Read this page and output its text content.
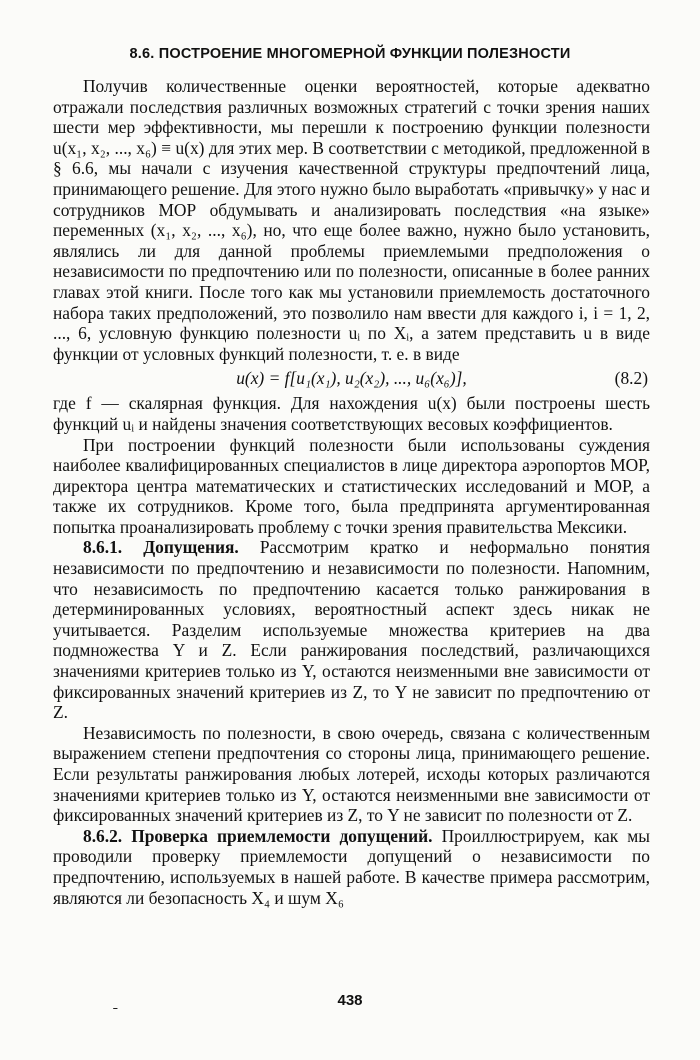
8.6. ПОСТРОЕНИЕ МНОГОМЕРНОЙ ФУНКЦИИ ПОЛЕЗНОСТИ

Получив количественные оценки вероятностей, которые адекватно отражали последствия различных возможных стратегий с точки зрения наших шести мер эффективности, мы перешли к построению функции полезности u(x₁, x₂, ..., x₆) ≡ u(x) для этих мер. В соответствии с методикой, предложенной в § 6.6, мы начали с изучения качественной структуры предпочтений лица, принимающего решение. Для этого нужно было выработать «привычку» у нас и сотрудников МОР обдумывать и анализировать последствия «на языке» переменных (x₁, x₂, ..., x₆), но, что еще более важно, нужно было установить, являлись ли для данной проблемы приемлемыми предположения о независимости по предпочтению или по полезности, описанные в более ранних главах этой книги. После того как мы установили приемлемость достаточного набора таких предположений, это позволило нам ввести для каждого i, i = 1, 2, ..., 6, условную функцию полезности uᵢ по Xᵢ, а затем представить u в виде функции от условных функций полезности, т. е. в виде

u(x) = f[u₁(x₁), u₂(x₂), ..., u₆(x₆)],	(8.2)

где f — скалярная функция. Для нахождения u(x) были построены шесть функций uᵢ и найдены значения соответствующих весовых коэффициентов.

При построении функций полезности были использованы суждения наиболее квалифицированных специалистов в лице директора аэропортов МОР, директора центра математических и статистических исследований и МОР, а также их сотрудников. Кроме того, была предпринята аргументированная попытка проанализировать проблему с точки зрения правительства Мексики.

8.6.1. Допущения. Рассмотрим кратко и неформально понятия независимости по предпочтению и независимости по полезности. Напомним, что независимость по предпочтению касается только ранжирования в детерминированных условиях, вероятностный аспект здесь никак не учитывается. Разделим используемые множества критериев на два подмножества Y и Z. Если ранжирования последствий, различающихся значениями критериев только из Y, остаются неизменными вне зависимости от фиксированных значений критериев из Z, то Y не зависит по предпочтению от Z.

Независимость по полезности, в свою очередь, связана с количественным выражением степени предпочтения со стороны лица, принимающего решение. Если результаты ранжирования любых лотерей, исходы которых различаются значениями критериев только из Y, остаются неизменными вне зависимости от фиксированных значений критериев из Z, то Y не зависит по полезности от Z.

8.6.2. Проверка приемлемости допущений. Проиллюстрируем, как мы проводили проверку приемлемости допущений о независимости по предпочтению, используемых в нашей работе. В качестве примера рассмотрим, являются ли безопасность X₄ и шум X₆

˗	438
